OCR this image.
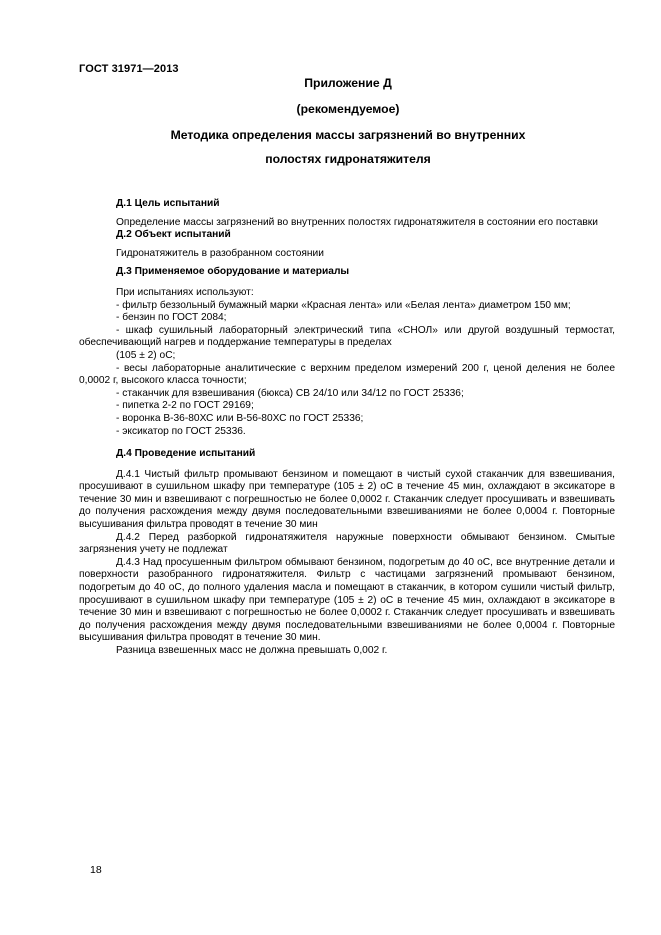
ГОСТ 31971—2013
Приложение Д
(рекомендуемое)
Методика определения массы загрязнений во внутренних
полостях гидронатяжителя

Д.1 Цель испытаний

Определение массы загрязнений во внутренних полостях гидронатяжителя в состоянии его поставки

Д.2 Объект испытаний

Гидронатяжитель в разобранном состоянии

Д.3 Применяемое оборудование и материалы

При испытаниях используют:

- фильтр беззольный бумажный марки «Красная лента» или «Белая лента» диаметром 150 мм;

- бензин по ГОСТ 2084;

- шкаф сушильный лабораторный электрический типа «СНОЛ» или другой воздушный термостат, обеспечивающий нагрев и поддержание температуры в пределах

(105 ± 2) оС;

- весы лабораторные аналитические с верхним пределом измерений 200 г, ценой деления не более 0,0002 г, высокого класса точности;

- стаканчик для взвешивания (бюкса) СВ 24/10 или 34/12 по ГОСТ 25336;

- пипетка 2-2 по ГОСТ 29169;

- воронка В-36-80ХС или В-56-80ХС по ГОСТ 25336;

- эксикатор по ГОСТ 25336.

Д.4 Проведение испытаний

Д.4.1 Чистый фильтр промывают бензином и помещают в чистый сухой стаканчик для взвешивания, просушивают в сушильном шкафу при температуре (105 ± 2) оС в течение 45 мин, охлаждают в эксикаторе в течение 30 мин и взвешивают с погрешностью не более 0,0002 г. Стаканчик следует просушивать и взвешивать до получения расхождения между двумя последовательными взвешиваниями не более 0,0004 г. Повторные высушивания фильтра проводят в течение 30 мин

Д.4.2 Перед разборкой гидронатяжителя наружные поверхности обмывают бензином. Смытые загрязнения учету не подлежат

Д.4.3 Над просушенным фильтром обмывают бензином, подогретым до 40 оС, все внутренние детали и поверхности разобранного гидронатяжителя. Фильтр с частицами загрязнений промывают бензином, подогретым до 40 оС, до полного удаления масла и помещают в стаканчик, в котором сушили чистый фильтр, просушивают в сушильном шкафу при температуре (105 ± 2) оС в течение 45 мин, охлаждают в эксикаторе в течение 30 мин и взвешивают с погрешностью не более 0,0002 г. Стаканчик следует просушивать и взвешивать до получения расхождения между двумя последовательными взвешиваниями не более 0,0004 г. Повторные высушивания фильтра проводят в течение 30 мин.

Разница взвешенных масс не должна превышать 0,002 г.

18
